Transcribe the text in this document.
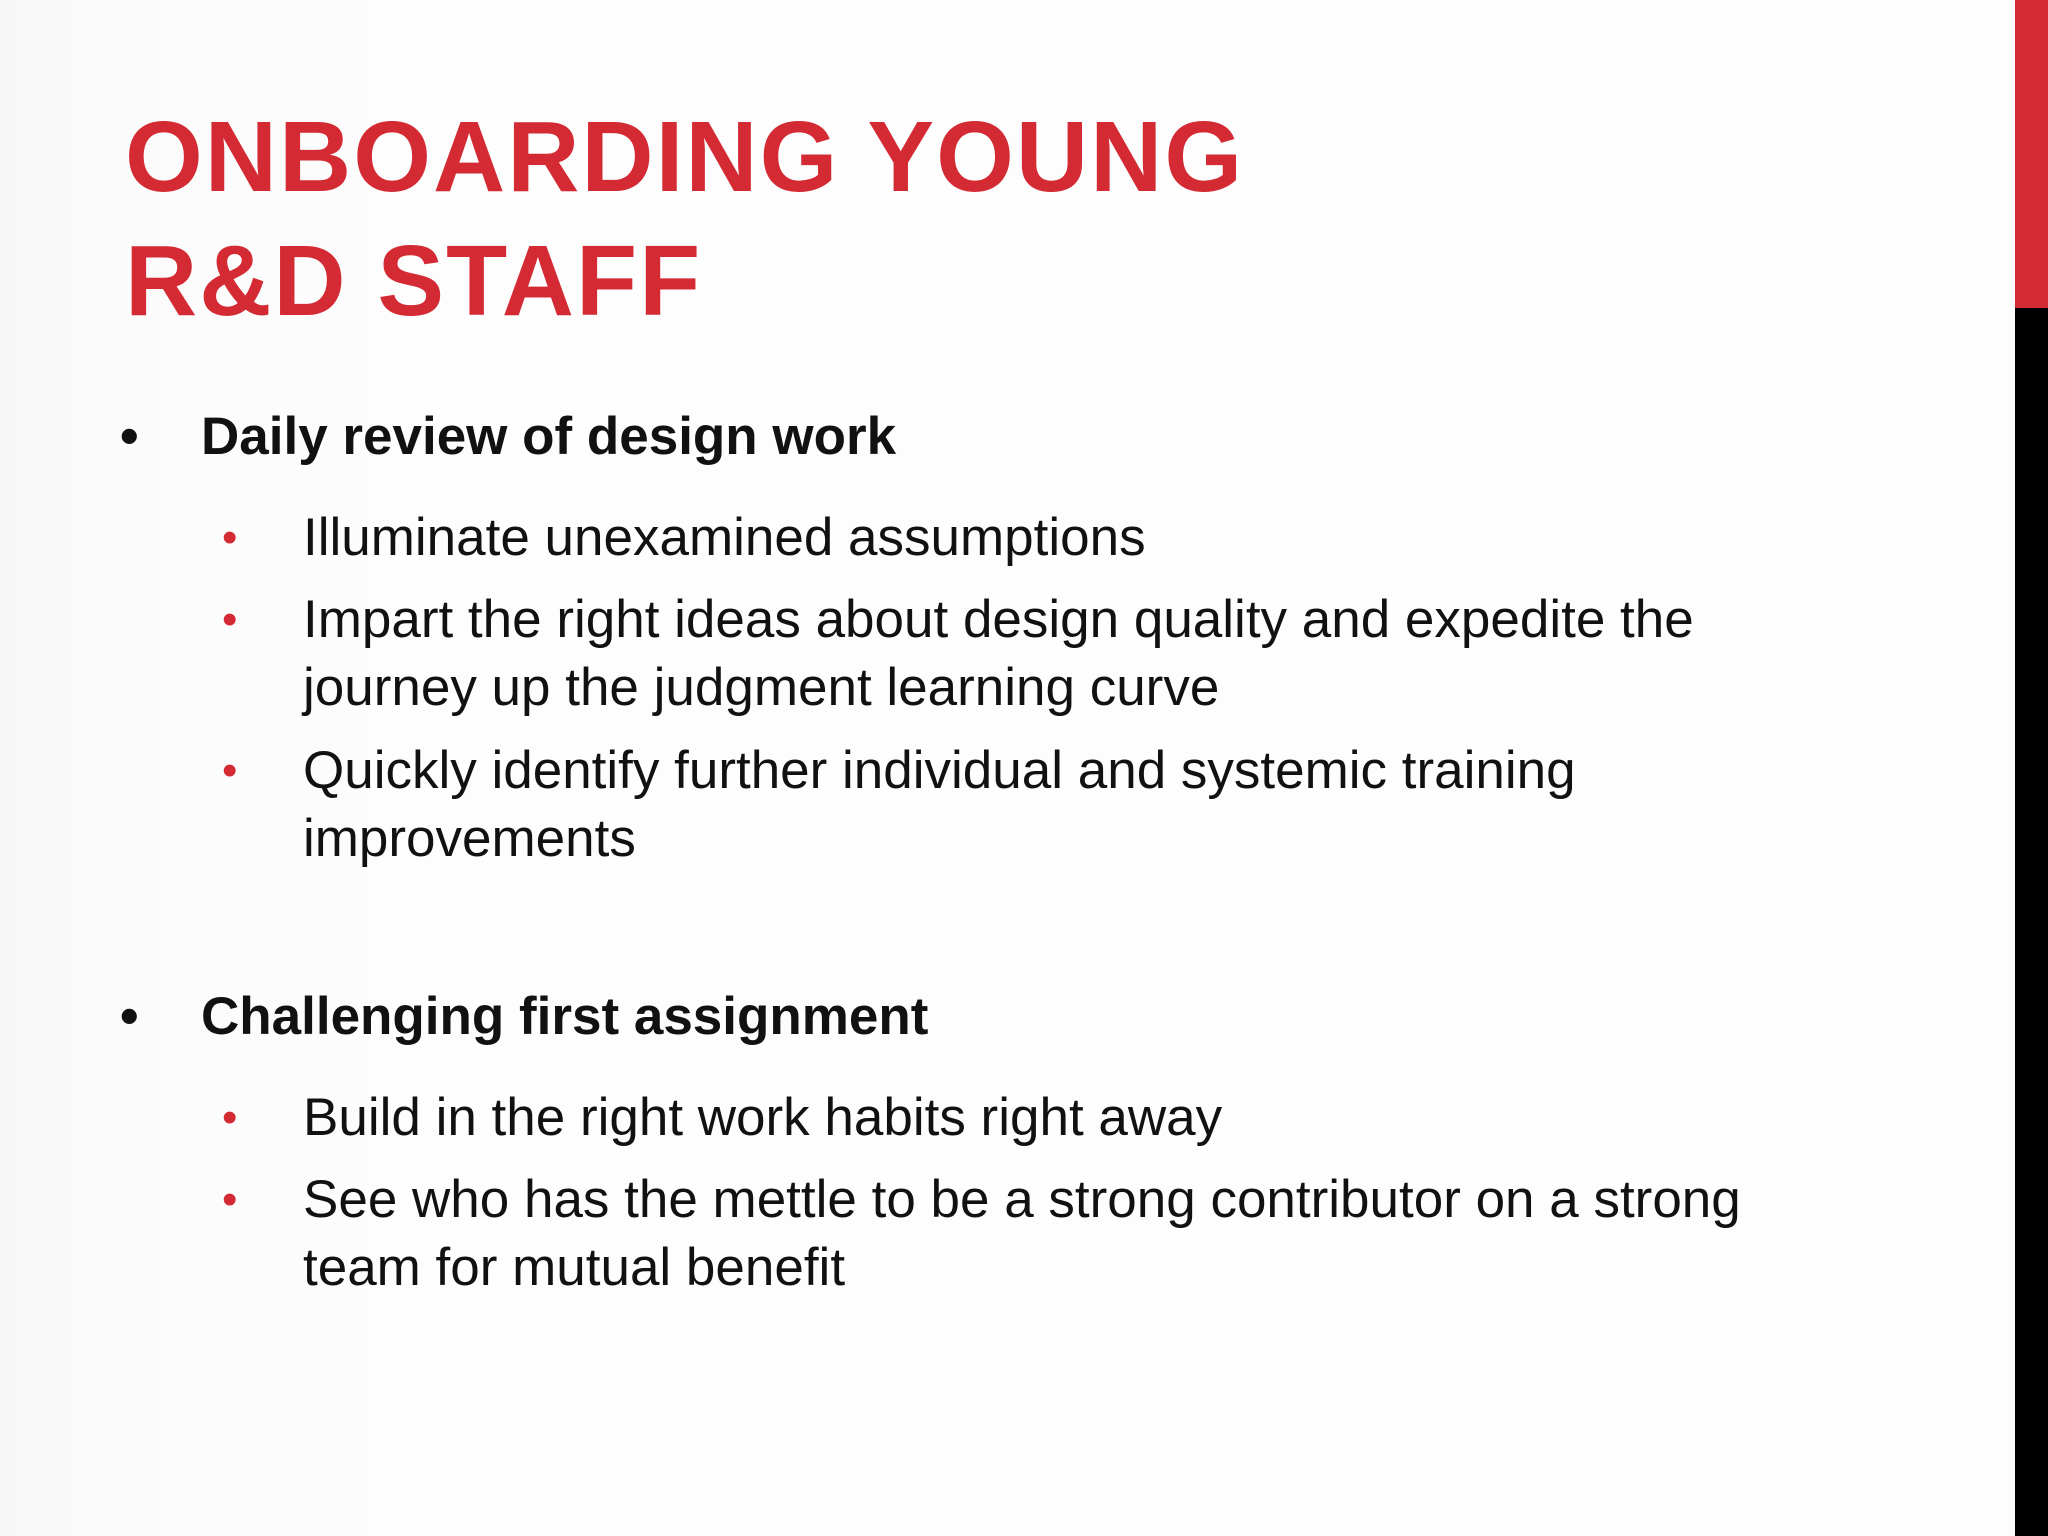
ONBOARDING YOUNG
R&D STAFF
• Daily review of design work
• Illuminate unexamined assumptions
• Impart the right ideas about design quality and expedite the journey up the judgment learning curve
• Quickly identify further individual and systemic training improvements
• Challenging first assignment
• Build in the right work habits right away
• See who has the mettle to be a strong contributor on a strong team for mutual benefit
